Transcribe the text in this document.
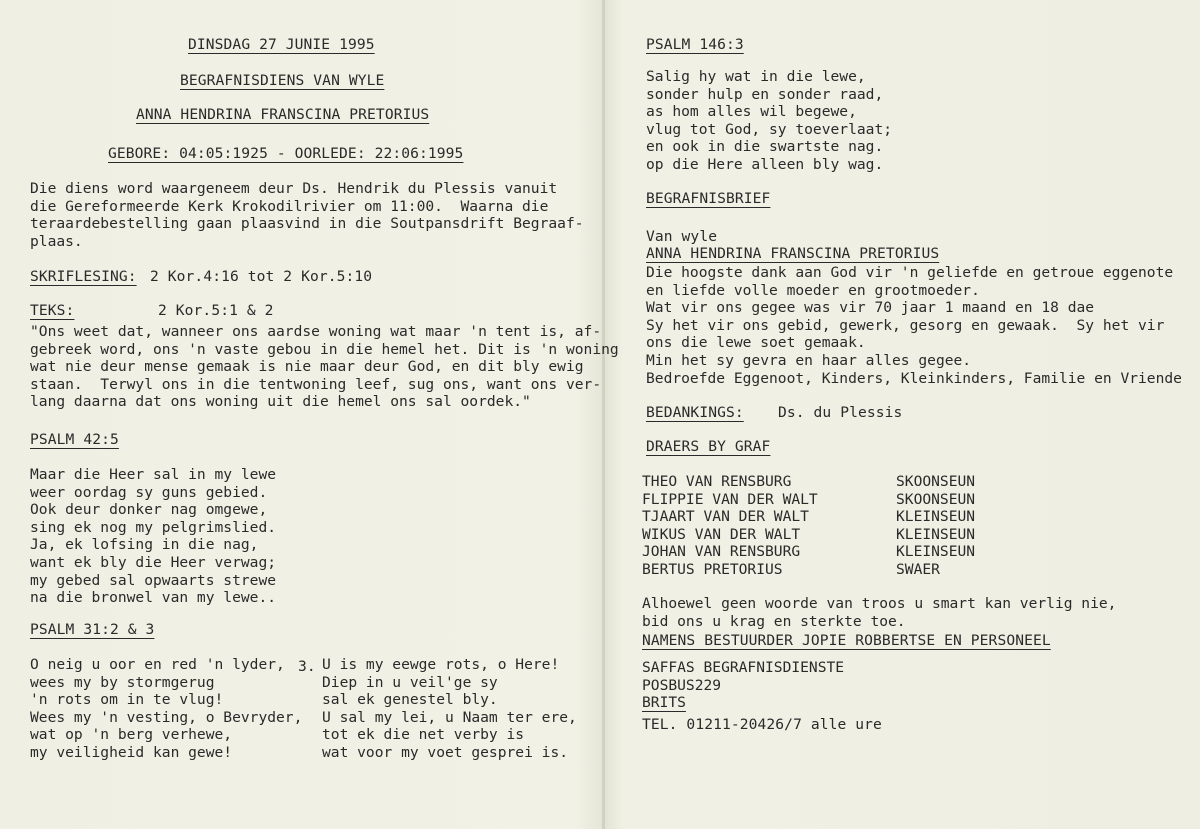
DINSDAG 27 JUNIE 1995
BEGRAFNISDIENS VAN WYLE
ANNA HENDRINA FRANSCINA PRETORIUS
GEBORE: 04:05:1925 - OORLEDE: 22:06:1995
Die diens word waargeneem deur Ds. Hendrik du Plessis vanuit
die Gereformeerde Kerk Krokodilrivier om 11:00.  Waarna die
teraardebestelling gaan plaasvind in die Soutpansdrift Begraaf-
plaas.
SKRIFLESING: 2 Kor.4:16 tot 2 Kor.5:10
TEKS:	2 Kor.5:1 & 2
"Ons weet dat, wanneer ons aardse woning wat maar 'n tent is, af-
gebreek word, ons 'n vaste gebou in die hemel het. Dit is 'n woning
wat nie deur mense gemaak is nie maar deur God, en dit bly ewig
staan.  Terwyl ons in die tentwoning leef, sug ons, want ons ver-
lang daarna dat ons woning uit die hemel ons sal oordek."
PSALM 42:5
Maar die Heer sal in my lewe
weer oordag sy guns gebied.
Ook deur donker nag omgewe,
sing ek nog my pelgrimslied.
Ja, ek lofsing in die nag,
want ek bly die Heer verwag;
my gebed sal opwaarts strewe
na die bronwel van my lewe..
PSALM 31:2 & 3
O neig u oor en red 'n lyder,
wees my by stormgerug
'n rots om in te vlug!
Wees my 'n vesting, o Bevryder,
wat op 'n berg verhewe,
my veiligheid kan gewe!
3. U is my eewge rots, o Here!
Diep in u veil'ge sy
sal ek genestel bly.
U sal my lei, u Naam ter ere,
tot ek die net verby is
wat voor my voet gesprei is.
PSALM 146:3
Salig hy wat in die lewe,
sonder hulp en sonder raad,
as hom alles wil begewe,
vlug tot God, sy toeverlaat;
en ook in die swartste nag.
op die Here alleen bly wag.
BEGRAFNISBRIEF
Van wyle
ANNA HENDRINA FRANSCINA PRETORIUS
Die hoogste dank aan God vir 'n geliefde en getroue eggenote
en liefde volle moeder en grootmoeder.
Wat vir ons gegee was vir 70 jaar 1 maand en 18 dae
Sy het vir ons gebid, gewerk, gesorg en gewaak.  Sy het vir
ons die lewe soet gemaak.
Min het sy gevra en haar alles gegee.
Bedroefde Eggenoot, Kinders, Kleinkinders, Familie en Vriende
BEDANKINGS: Ds. du Plessis
DRAERS BY GRAF
THEO VAN RENSBURG
FLIPPIE VAN DER WALT
TJAART VAN DER WALT
WIKUS VAN DER WALT
JOHAN VAN RENSBURG
BERTUS PRETORIUS
SKOONSEUN
SKOONSEUN
KLEINSEUN
KLEINSEUN
KLEINSEUN
SWAER
Alhoewel geen woorde van troos u smart kan verlig nie,
bid ons u krag en sterkte toe.
NAMENS BESTUURDER JOPIE ROBBERTSE EN PERSONEEL
SAFFAS BEGRAFNISDIENSTE
POSBUS229
BRITS
TEL. 01211-20426/7 alle ure
